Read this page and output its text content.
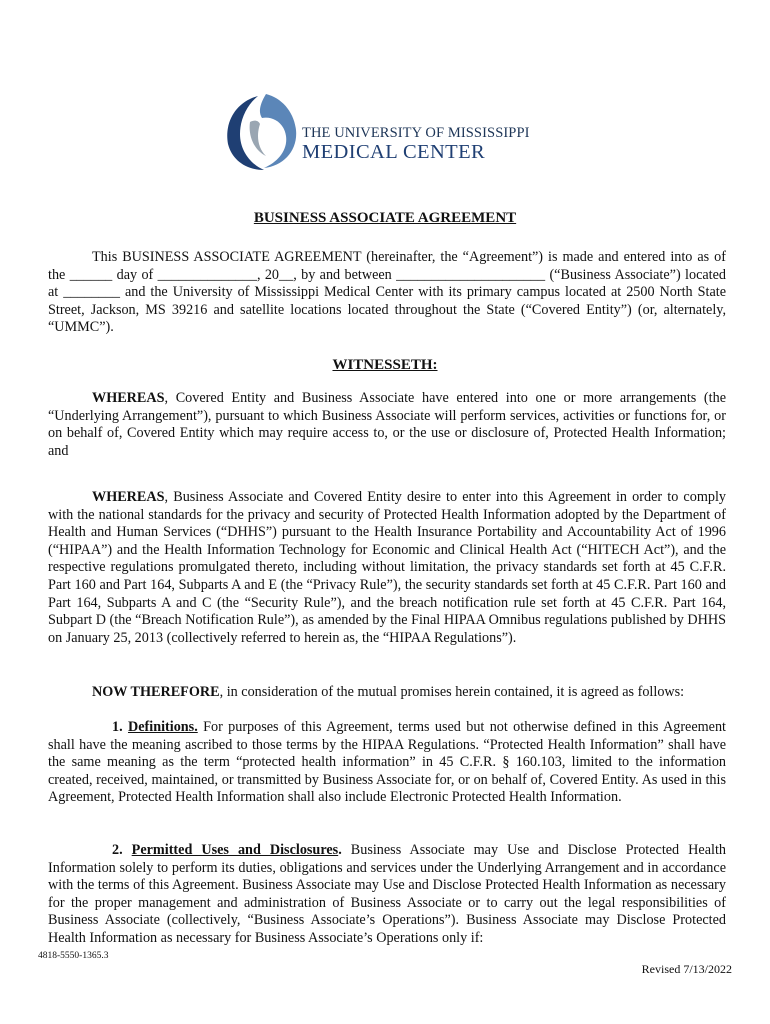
THE UNIVERSITY OF MISSISSIPPI
MEDICAL CENTER
BUSINESS ASSOCIATE AGREEMENT

This BUSINESS ASSOCIATE AGREEMENT (hereinafter, the “Agreement”) is made and entered into as of the ______ day of ______________, 20__, by and between _____________________ (“Business Associate”) located at ________ and the University of Mississippi Medical Center with its primary campus located at 2500 North State Street, Jackson, MS 39216 and satellite locations located throughout the State (“Covered Entity”) (or, alternately, “UMMC”).

WITNESSETH:

WHEREAS, Covered Entity and Business Associate have entered into one or more arrangements (the “Underlying Arrangement”), pursuant to which Business Associate will perform services, activities or functions for, or on behalf of, Covered Entity which may require access to, or the use or disclosure of, Protected Health Information; and

WHEREAS, Business Associate and Covered Entity desire to enter into this Agreement in order to comply with the national standards for the privacy and security of Protected Health Information adopted by the Department of Health and Human Services (“DHHS”) pursuant to the Health Insurance Portability and Accountability Act of 1996 (“HIPAA”) and the Health Information Technology for Economic and Clinical Health Act (“HITECH Act”), and the respective regulations promulgated thereto, including without limitation, the privacy standards set forth at 45 C.F.R. Part 160 and Part 164, Subparts A and E (the “Privacy Rule”), the security standards set forth at 45 C.F.R. Part 160 and Part 164, Subparts A and C (the “Security Rule”), and the breach notification rule set forth at 45 C.F.R. Part 164, Subpart D (the “Breach Notification Rule”), as amended by the Final HIPAA Omnibus regulations published by DHHS on January 25, 2013 (collectively referred to herein as, the “HIPAA Regulations”).

NOW THEREFORE, in consideration of the mutual promises herein contained, it is agreed as follows:

1. Definitions. For purposes of this Agreement, terms used but not otherwise defined in this Agreement shall have the meaning ascribed to those terms by the HIPAA Regulations. “Protected Health Information” shall have the same meaning as the term “protected health information” in 45 C.F.R. § 160.103, limited to the information created, received, maintained, or transmitted by Business Associate for, or on behalf of, Covered Entity. As used in this Agreement, Protected Health Information shall also include Electronic Protected Health Information.

2. Permitted Uses and Disclosures. Business Associate may Use and Disclose Protected Health Information solely to perform its duties, obligations and services under the Underlying Arrangement and in accordance with the terms of this Agreement. Business Associate may Use and Disclose Protected Health Information as necessary for the proper management and administration of Business Associate or to carry out the legal responsibilities of Business Associate (collectively, “Business Associate’s Operations”). Business Associate may Disclose Protected Health Information as necessary for Business Associate’s Operations only if:

4818-5550-1365.3
Revised 7/13/2022
